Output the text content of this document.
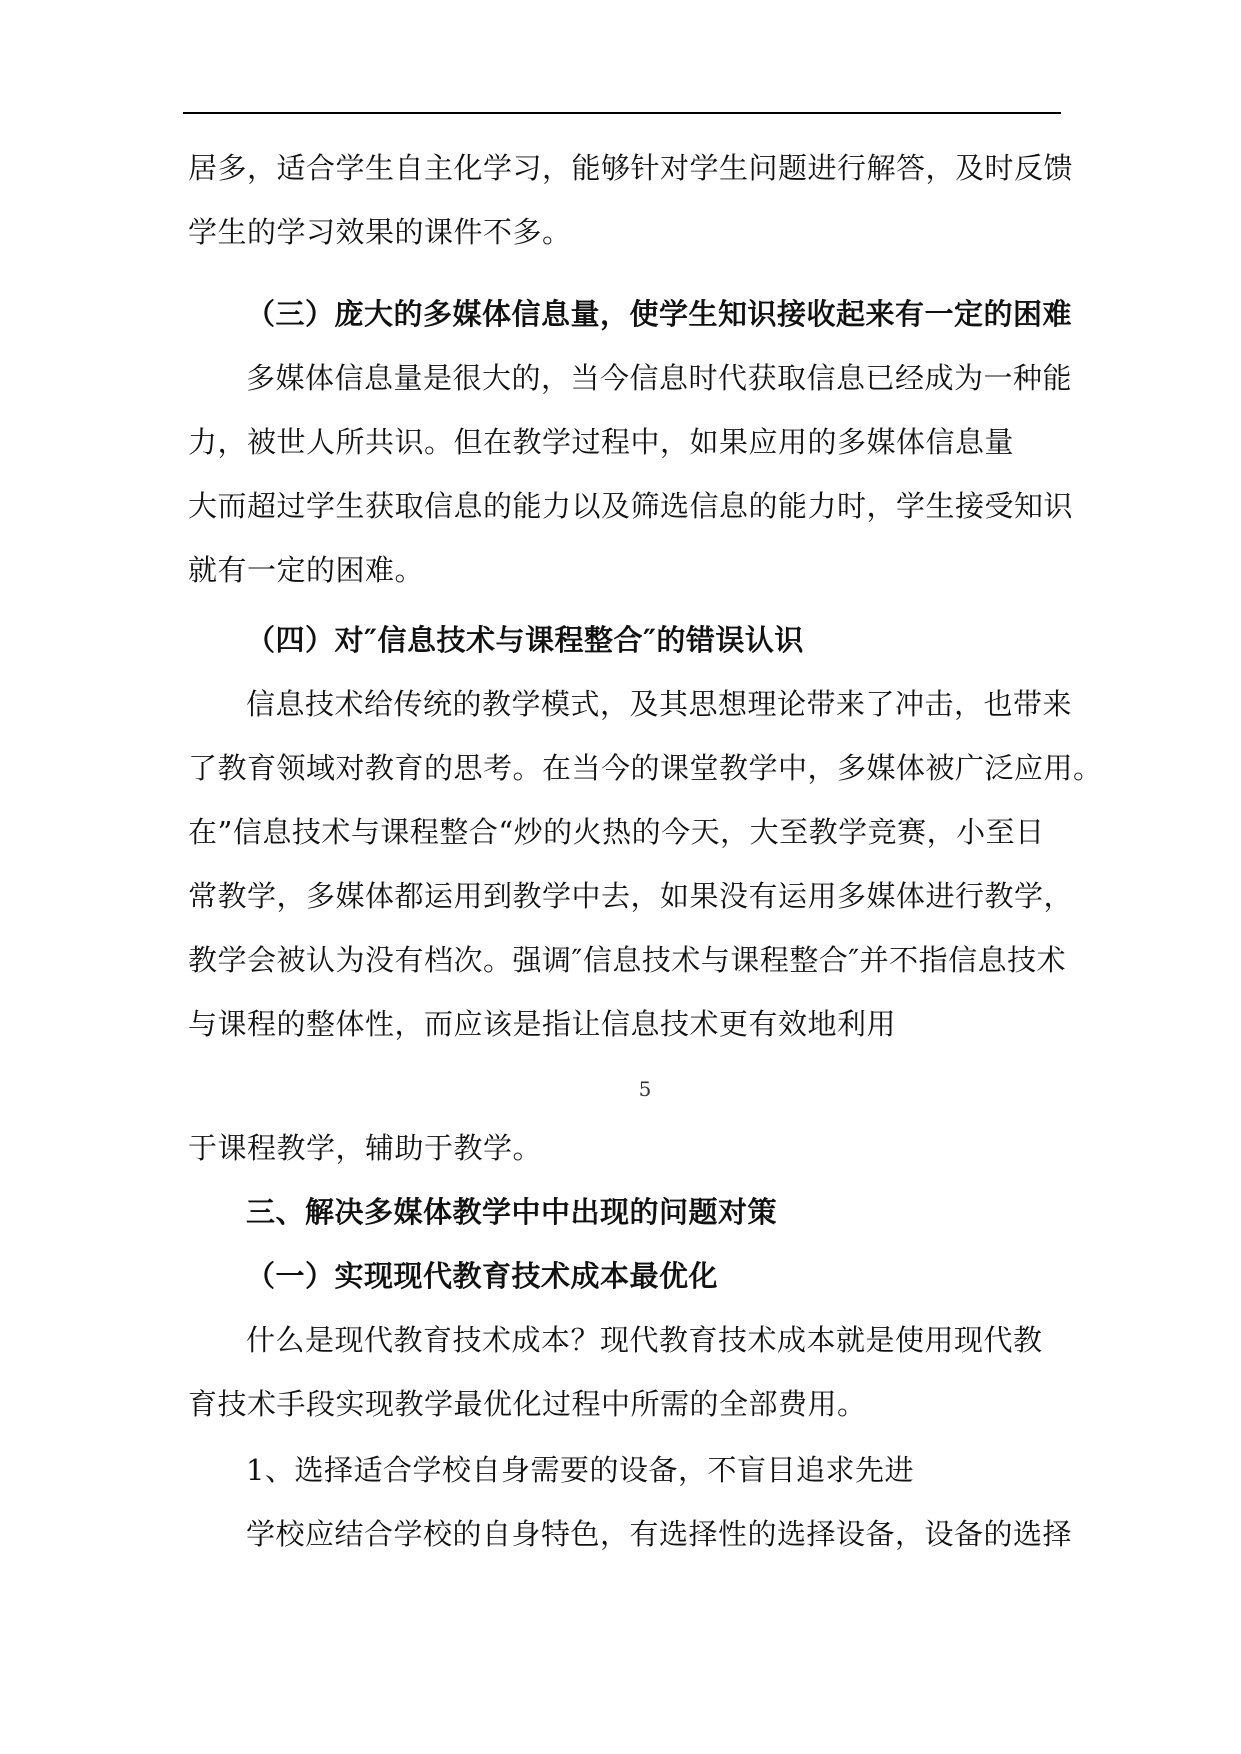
居多，适合学生自主化学习，能够针对学生问题进行解答，及时反馈
学生的学习效果的课件不多。
（三）庞大的多媒体信息量，使学生知识接收起来有一定的困难
多媒体信息量是很大的，当今信息时代获取信息已经成为一种能
力，被世人所共识。但在教学过程中，如果应用的多媒体信息量
大而超过学生获取信息的能力以及筛选信息的能力时，学生接受知识
就有一定的困难。
（四）对″信息技术与课程整合″的错误认识
信息技术给传统的教学模式，及其思想理论带来了冲击，也带来
了教育领域对教育的思考。在当今的课堂教学中，多媒体被广泛应用。
在”信息技术与课程整合“炒的火热的今天，大至教学竞赛，小至日
常教学，多媒体都运用到教学中去，如果没有运用多媒体进行教学，
教学会被认为没有档次。强调″信息技术与课程整合″并不指信息技术
与课程的整体性，而应该是指让信息技术更有效地利用
5
于课程教学，辅助于教学。
三、解决多媒体教学中中出现的问题对策
（一）实现现代教育技术成本最优化
什么是现代教育技术成本？现代教育技术成本就是使用现代教
育技术手段实现教学最优化过程中所需的全部费用。
1、选择适合学校自身需要的设备，不盲目追求先进
学校应结合学校的自身特色，有选择性的选择设备，设备的选择
